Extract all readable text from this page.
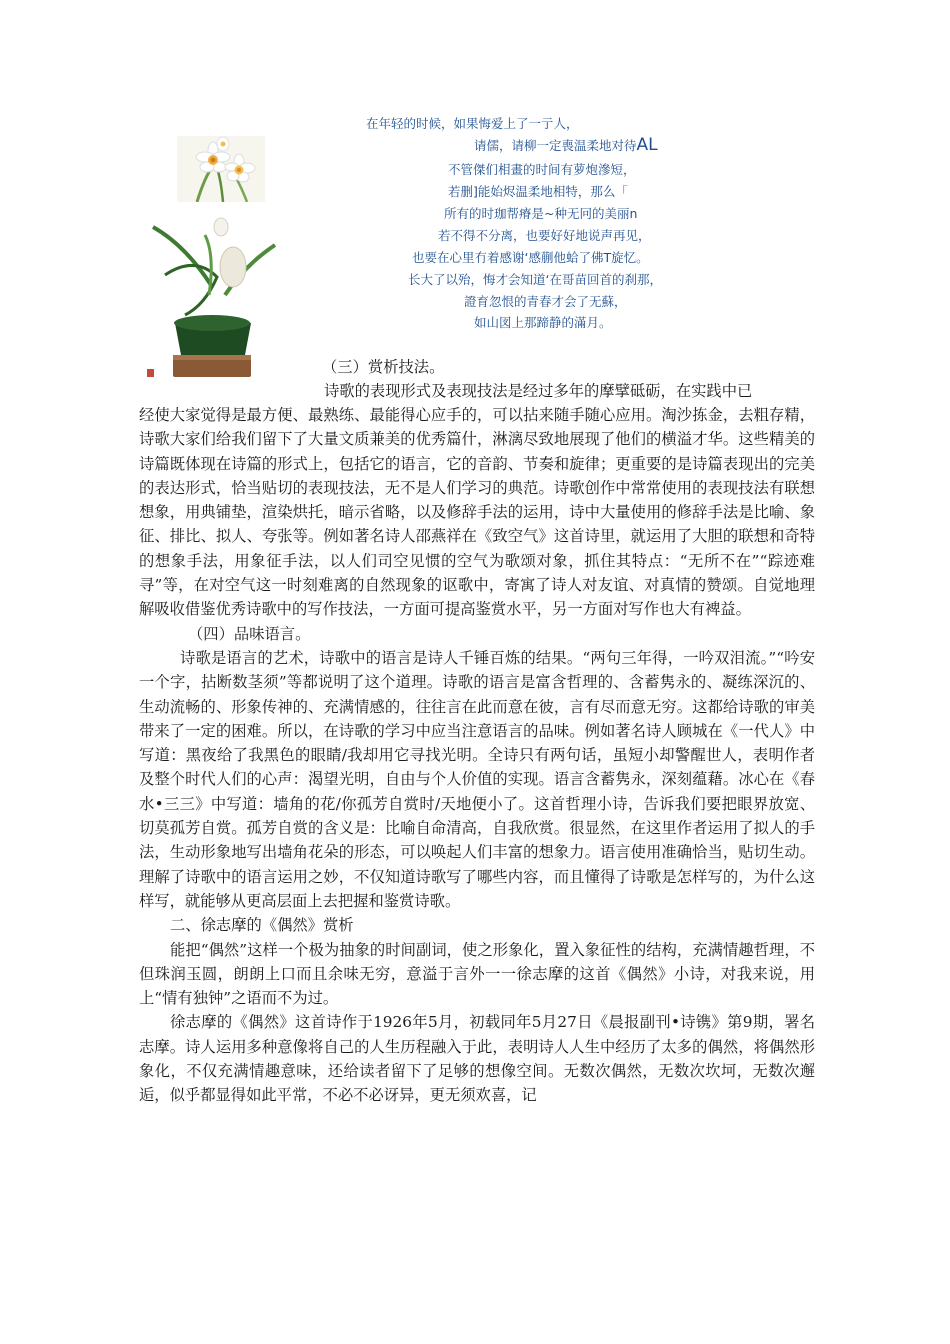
在年轻的时候，如果悔爱上了一亍人，
请儒，请柳一定喪温柔地对待AL
不管傑们相畫的时间有萝炮滲短，
若删]能始烬温柔地相特，那么「
所有的时珈帮瘠是~种无冋的美丽n
若不得不分离，也要好好地说声再见，
也要在心里冇着感谢‘感蒯他蛤了佛T旋忆。
长大了以殆，悔才会知道‘在哥苗回首的刹那，
證育忽恨的青春才会了无蘇，
如山図上那蹄静的滿月。
（三）赏析技法。
诗歌的表现形式及表现技法是经过多年的摩擘砥砺，在实践中已

经使大家觉得是最方便、最熟练、最能得心应手的，可以拈来随手随心应用。淘沙拣金，去粗存精，诗歌大家们给我们留下了大量文质兼美的优秀篇什，淋漓尽致地展现了他们的横溢才华。这些精美的诗篇既体现在诗篇的形式上，包括它的语言，它的音韵、节奏和旋律；更重要的是诗篇表现出的完美的表达形式，恰当贴切的表现技法，无不是人们学习的典范。诗歌创作中常常使用的表现技法有联想想象，用典铺垫，渲染烘托，暗示省略，以及修辞手法的运用，诗中大量使用的修辞手法是比喻、象征、排比、拟人、夸张等。例如著名诗人邵燕祥在《致空气》这首诗里，就运用了大胆的联想和奇特的想象手法，用象征手法，以人们司空见惯的空气为歌颂对象，抓住其特点：“无所不在”“踪迹难寻”等，在对空气这一时刻难离的自然现象的讴歌中，寄寓了诗人对友谊、对真情的赞颂。自觉地理解吸收借鉴优秀诗歌中的写作技法，一方面可提高鉴赏水平，另一方面对写作也大有裨益。

（四）品味语言。

诗歌是语言的艺术，诗歌中的语言是诗人千锤百炼的结果。“两句三年得，一吟双泪流。”“吟安一个字，拈断数茎须”等都说明了这个道理。诗歌的语言是富含哲理的、含蓄隽永的、凝练深沉的、生动流畅的、形象传神的、充满情感的，往往言在此而意在彼，言有尽而意无穷。这都给诗歌的审美带来了一定的困难。所以，在诗歌的学习中应当注意语言的品味。例如著名诗人顾城在《一代人》中写道：黑夜给了我黑色的眼睛/我却用它寻找光明。全诗只有两句话，虽短小却警醒世人，表明作者及整个时代人们的心声：渴望光明，自由与个人价值的实现。语言含蓄隽永，深刻蕴藉。冰心在《春水•三三》中写道：墙角的花/你孤芳自赏时/天地便小了。这首哲理小诗，告诉我们要把眼界放宽、切莫孤芳自赏。孤芳自赏的含义是：比喻自命清高，自我欣赏。很显然，在这里作者运用了拟人的手法，生动形象地写出墙角花朵的形态，可以唤起人们丰富的想象力。语言使用准确恰当，贴切生动。理解了诗歌中的语言运用之妙，不仅知道诗歌写了哪些内容，而且懂得了诗歌是怎样写的，为什么这样写，就能够从更高层面上去把握和鉴赏诗歌。

二、徐志摩的《偶然》赏析

能把“偶然”这样一个极为抽象的时间副词，使之形象化，置入象征性的结构，充满情趣哲理，不但珠润玉圆，朗朗上口而且余味无穷，意溢于言外一一徐志摩的这首《偶然》小诗，对我来说，用上“情有独钟”之语而不为过。

徐志摩的《偶然》这首诗作于1926年5月，初载同年5月27日《晨报副刊•诗镌》第9期，署名志摩。诗人运用多种意像将自己的人生历程融入于此，表明诗人人生中经历了太多的偶然，将偶然形象化，不仅充满情趣意味，还给读者留下了足够的想像空间。无数次偶然，无数次坎坷，无数次邂逅，似乎都显得如此平常，不必不必讶异，更无须欢喜，记
